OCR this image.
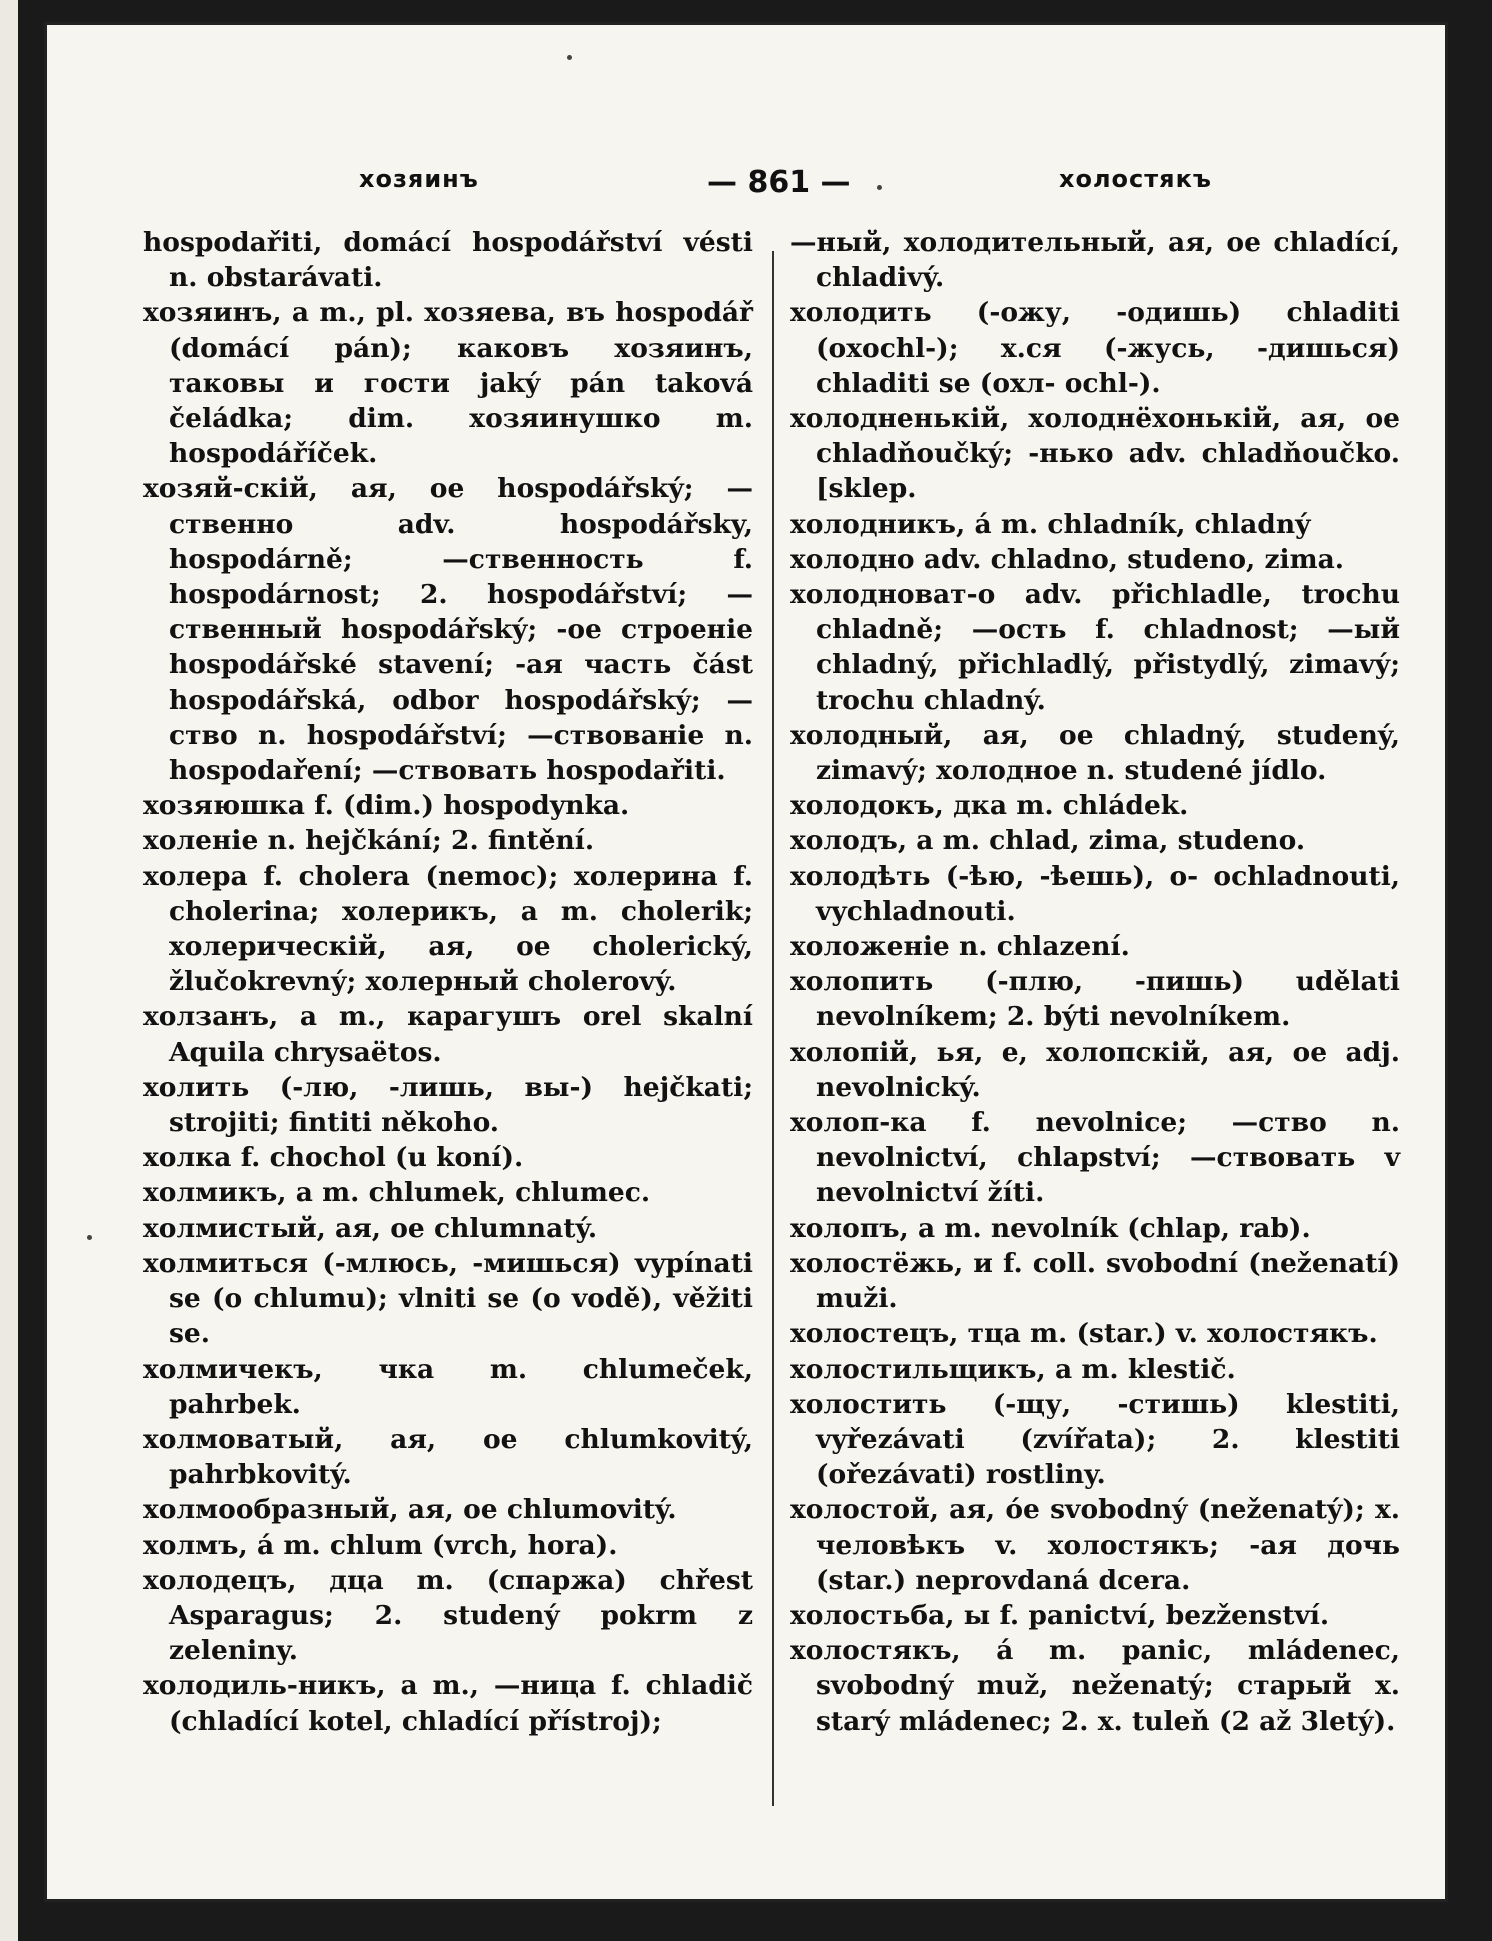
хозяинъ	— 861 —	холостякъ
hospodařiti, domácí hospodářství vésti n. obstarávati.
хозяинъ, a m., pl. хозяева, въ hospodář (domácí pán); каковъ хозяинъ, таковы и гости jaký pán taková čeládka; dim. хозяинушко m. hospodáříček.
хозяй-скій, ая, ое hospodářský; —ственно adv. hospodářsky, hospodárně; —ственность f. hospodárnost; 2. hospodářství; —ственный hospodářský; -ое строеніе hospodářské stavení; -ая часть část hospodářská, odbor hospodářský; —ство n. hospodářství; —ствованіе n. hospodaření; —ствовать hospodařiti.
хозяюшка f. (dim.) hospodynka.
холеніе n. hejčkání; 2. fintění.
холера f. cholera (nemoc); холерина f. cholerina; холерикъ, a m. cholerik; холерическій, ая, ое cholerický, žlučokrevný; холерный cholerový.
холзанъ, a m., карагушъ orel skalní Aquila chrysaëtos.
холить (-лю, -лишь, вы-) hejčkati; strojiti; fintiti někoho.
холка f. chochol (u koní).
холмикъ, a m. chlumek, chlumec.
холмистый, ая, ое chlumnatý.
холмиться (-млюсь, -мишься) vypínati se (o chlumu); vlniti se (o vodě), věžiti se.
холмичекъ, чка m. chlumeček, pahrbek.
холмоватый, ая, ое chlumkovitý, pahrbkovitý.
холмообразный, ая, ое chlumovitý.
холмъ, á m. chlum (vrch, hora).
холодецъ, дца m. (спаржа) chřest Asparagus; 2. studený pokrm z zeleniny.
холодиль-никъ, a m., —ница f. chladič (chladící kotel, chladící přístroj);
—ный, холодительный, ая, ое chladící, chladivý.
холодить (-ожу, -одишь) chladiti (oxochl-); х.ся (-жусь, -дишься) chladiti se (охл- ochl-).
холодненькій, холоднёхонькій, ая, ое chladňoučký; -нько adv. chladňoučko. [sklep.
холодникъ, á m. chladník, chladný
холодно adv. chladno, studeno, zima.
холодноват-о adv. přichladle, trochu chladně; —ость f. chladnost; —ый chladný, přichladlý, přistydlý, zimavý; trochu chladný.
холодный, ая, ое chladný, studený, zimavý; холодное n. studené jídlo.
холодокъ, дка m. chládek.
холодъ, a m. chlad, zima, studeno.
холодѣть (-ѣю, -ѣешь), о- ochladnouti, vychladnouti.
холоженіе n. chlazení.
холопить (-плю, -пишь) udělati nevolníkem; 2. býti nevolníkem.
холопій, ья, е, холопскій, ая, ое adj. nevolnický.
холоп-ка f. nevolnice; —ство n. nevolnictví, chlapství; —ствовать v nevolnictví žíti.
холопъ, a m. nevolník (chlap, rab).
холостёжь, и f. coll. svobodní (neženatí) muži.
холостецъ, тца m. (star.) v. холостякъ.
холостильщикъ, a m. klestič.
холостить (-щу, -стишь) klestiti, vyřezávati (zvířata); 2. klestiti (ořezávati) rostliny.
холостой, ая, óe svobodný (neženatý); х. человѣкъ v. холостякъ; -ая дочь (star.) neprovdaná dcera.
холостьба, ы f. panictví, bezženství.
холостякъ, á m. panic, mládenec, svobodný muž, neženatý; старый х. starý mládenec; 2. х. tuleň (2 až 3letý).
